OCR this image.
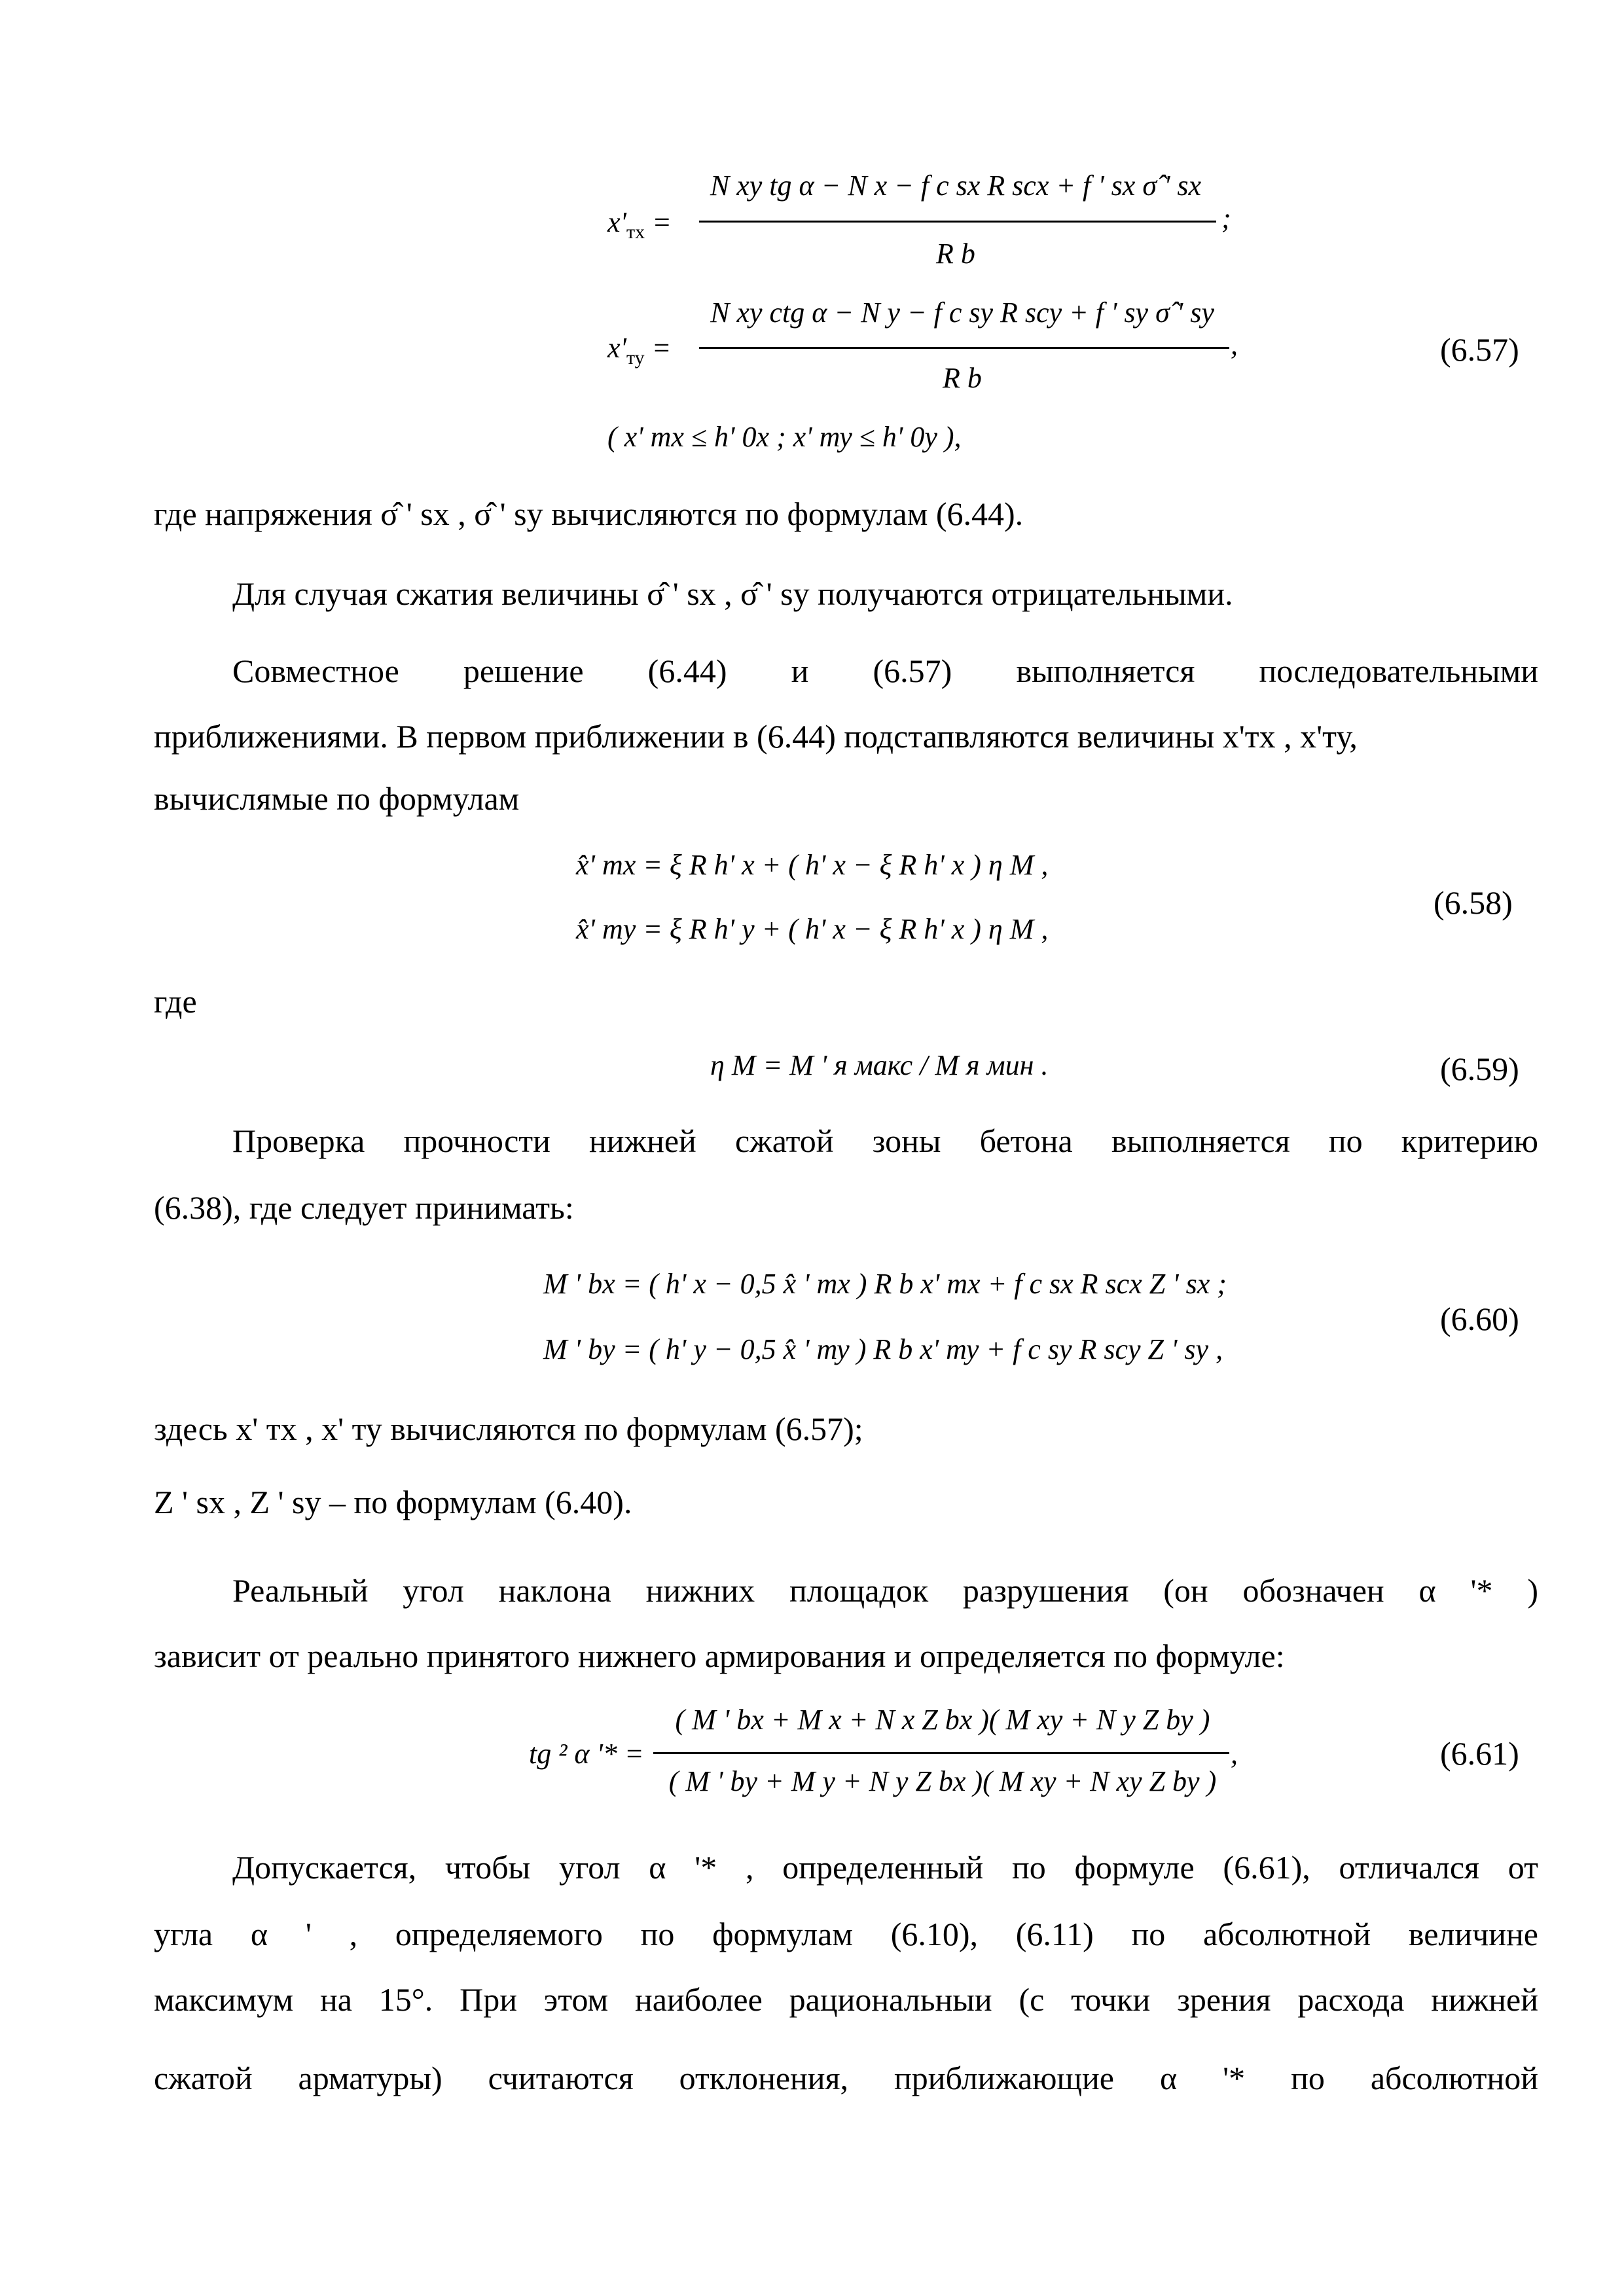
$x'_{тх}$ =
N xy tg α − N x − f c sx R scx + f ' sx σ̂ ' sx
R b
;
$x'_{ту}$ =
N xy ctg α − N y − f c sy R scy + f ' sy σ̂ ' sy
R b
,	(6.57)
( x' тх ≤ h' 0x ; x' ту ≤ h' 0y ),
где напряжения σ̂ ' sx , σ̂ ' sy вычисляются по формулам (6.44).
Для случая сжатия величины σ̂ ' sx , σ̂ ' sy получаются отрицательными.
Совместное решение (6.44) и (6.57) выполняется последовательными
приближениями. В первом приближении в (6.44) подстапвляются величины x'тх , x'ту,
вычислямые по формулам
x̂' тx = ξ R h' x + ( h' x − ξ R h' x ) η M ,
x̂' тy = ξ R h' y + ( h' x − ξ R h' x ) η M ,
(6.58)
где
η M = M ' я макс / M я мин .	(6.59)
Проверка прочности нижней сжатой зоны бетона выполняется по критерию
(6.38), где следует принимать:
M ' bx = ( h' x − 0,5 x̂ ' тх ) R b x' тх + f c sx R scx Z ' sx ;
M ' by = ( h' y − 0,5 x̂ ' ту ) R b x' ту + f c sy R scy Z ' sy ,
(6.60)
здесь x' тх , x' ту вычисляются по формулам (6.57);
Z ' sx , Z ' sy – по формулам (6.40).
Реальный угол наклона нижних площадок разрушения (он обозначен α '* )
зависит от реально принятого нижнего армирования и определяется по формуле:
tg ² α '* =
( M ' bx + M x + N x Z bx )( M xy + N y Z by )
( M ' by + M y + N y Z bx )( M xy + N xy Z by )
,	(6.61)
Допускается, чтобы угол α '* , определенный по формуле (6.61), отличался от
угла α ' , определяемого по формулам (6.10), (6.11) по абсолютной величине
максимум на 15°. При этом наиболее рациональныи (с точки зрения расхода нижней
сжатой арматуры) считаются отклонения, приближающие α '* по абсолютной
